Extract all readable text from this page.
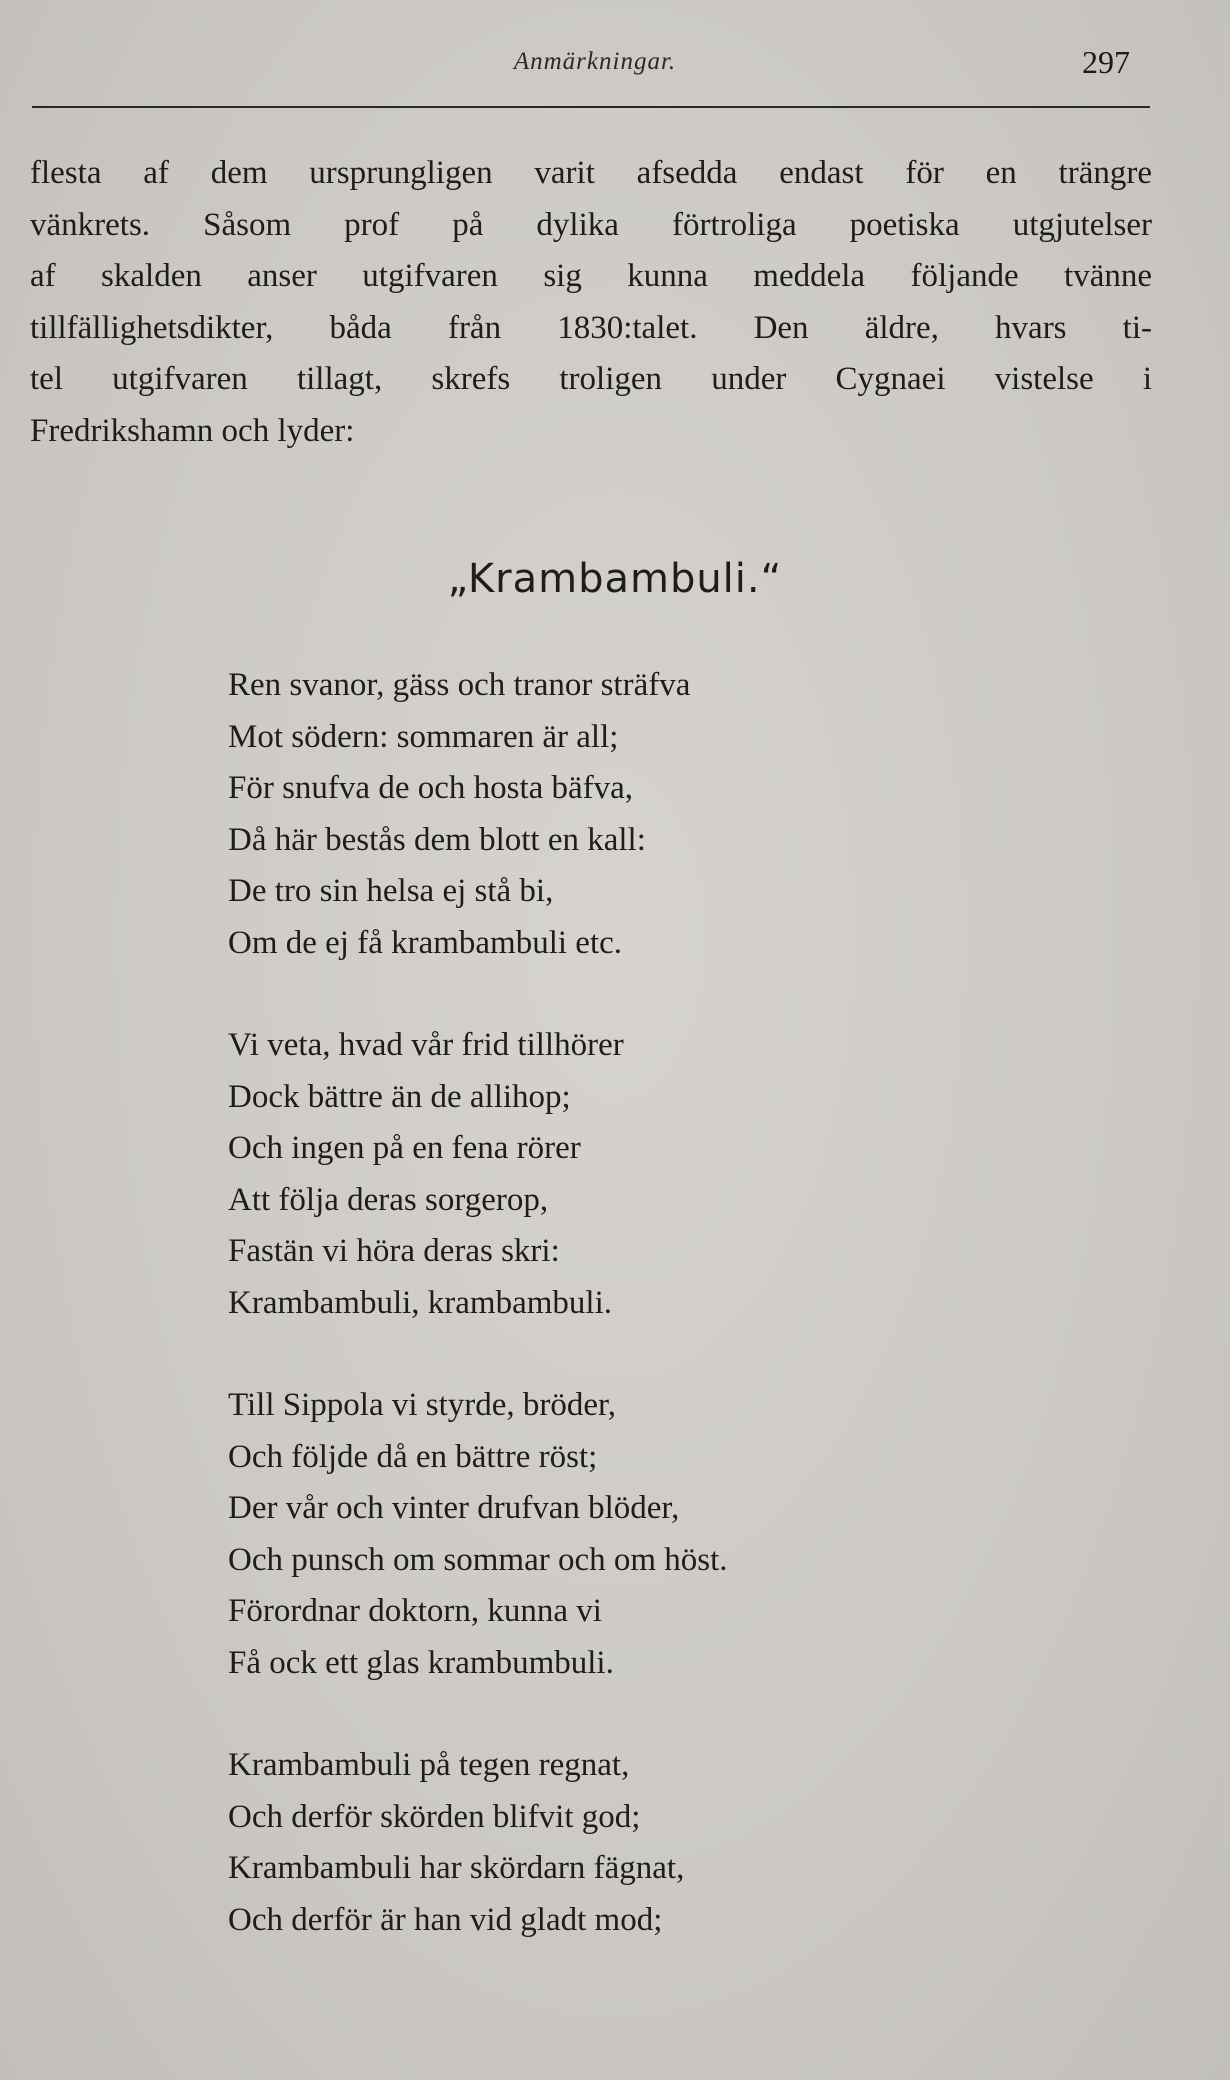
Anmärkningar.	297

flesta af dem ursprungligen varit afsedda endast för en trängre
vänkrets. Såsom prof på dylika förtroliga poetiska utgjutelser
af skalden anser utgifvaren sig kunna meddela följande tvänne
tillfällighetsdikter, båda från 1830:talet. Den äldre, hvars ti-
tel utgifvaren tillagt, skrefs troligen under Cygnaei vistelse i
Fredrikshamn och lyder:

„Krambambuli.“
Ren svanor, gäss och tranor sträfva
Mot södern: sommaren är all;
För snufva de och hosta bäfva,
Då här bestås dem blott en kall:
De tro sin helsa ej stå bi,
Om de ej få krambambuli etc.
Vi veta, hvad vår frid tillhörer
Dock bättre än de allihop;
Och ingen på en fena rörer
Att följa deras sorgerop,
Fastän vi höra deras skri:
Krambambuli, krambambuli.
Till Sippola vi styrde, bröder,
Och följde då en bättre röst;
Der vår och vinter drufvan blöder,
Och punsch om sommar och om höst.
Förordnar doktorn, kunna vi
Få ock ett glas krambumbuli.
Krambambuli på tegen regnat,
Och derför skörden blifvit god;
Krambambuli har skördarn fägnat,
Och derför är han vid gladt mod;
